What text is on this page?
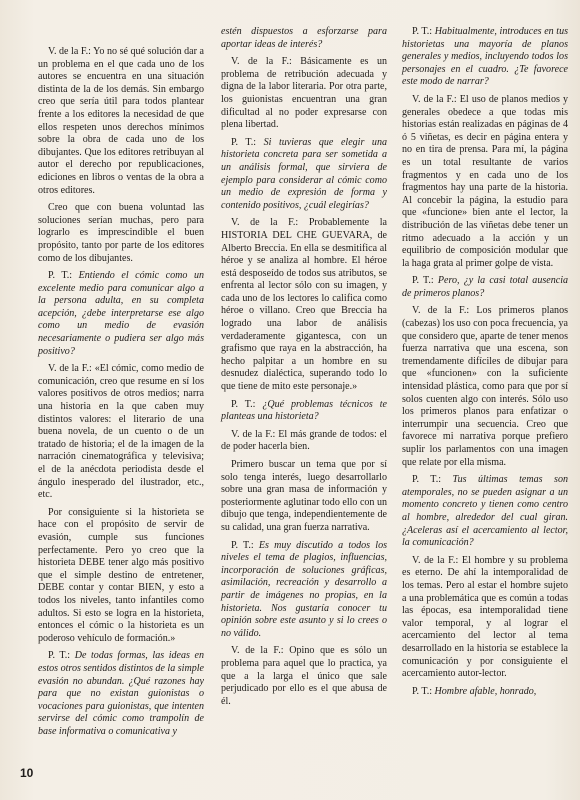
V. de la F.: Yo no sé qué solución dar a un problema en el que cada uno de los autores se encuentra en una situación distinta de la de los demás. Sin embargo creo que sería útil para todos plantear frente a los editores la necesidad de que ellos respeten unos derechos mínimos sobre la obra de cada uno de los dibujantes. Que los editores retribuyan al autor el derecho por republicaciones, ediciones en libros o ventas de la obra a otros editores.

Creo que con buena voluntad las soluciones serían muchas, pero para lograrlo es imprescindible el buen propósito, tanto por parte de los editores como de los dibujantes.

P. T.: Entiendo el cómic como un excelente medio para comunicar algo a la persona adulta, en su completa acepción, ¿debe interpretarse ese algo como un medio de evasión necesariamente o pudiera ser algo más positivo?

V. de la F.: «El cómic, como medio de comunicación, creo que resume en sí los valores positivos de otros medios; narra una historia en la que caben muy distintos valores: el literario de una buena novela, de un cuento o de un tratado de historia; el de la imagen de la narración cinematográfica y televisiva; el de la anécdota periodista desde el ángulo inesperado del ilustrador, etc., etc.

Por consiguiente si la historieta se hace con el propósito de servir de evasión, cumple sus funciones perfectamente. Pero yo creo que la historieta DEBE tener algo más positivo que el simple destino de entretener, DEBE contar y contar BIEN, y esto a todos los niveles, tanto infantiles como adultos. Si esto se logra en la historieta, entonces el cómic o la historieta es un poderoso vehículo de formación.»

P. T.: De todas formas, las ideas en estos otros sentidos distintos de la simple evasión no abundan. ¿Qué razones hay para que no existan guionistas o vocaciones para guionistas, que intenten servirse del cómic como trampolín de base informativa o comunicativa y

estén dispuestos a esforzarse para aportar ideas de interés?

V. de la F.: Básicamente es un problema de retribución adecuada y digna de la labor literaria. Por otra parte, los guionistas encuentran una gran dificultad al no poder expresarse con plena libertad.

P. T.: Si tuvieras que elegir una historieta concreta para ser sometida a un análisis formal, que sirviera de ejemplo para considerar al cómic como un medio de expresión de forma y contenido positivos, ¿cuál elegirías?

V. de la F.: Probablemente la HISTORIA DEL CHE GUEVARA, de Alberto Breccia. En ella se desmitifica al héroe y se analiza al hombre. El héroe está desposeído de todos sus atributos, se enfrenta al lector sólo con su imagen, y cada uno de los lectores lo califica como héroe o villano. Creo que Breccia ha logrado una labor de análisis verdaderamente gigantesca, con un grafismo que raya en la abstracción, ha hecho palpitar a un hombre en su desnudez dialéctica, superando todo lo que tiene de mito este personaje.»

P. T.: ¿Qué problemas técnicos te planteas una historieta?

V. de la F.: El más grande de todos: el de poder hacerla bien.

Primero buscar un tema que por sí solo tenga interés, luego desarrollarlo sobre una gran masa de información y posteriormente aglutinar todo ello con un dibujo que tenga, independientemente de su calidad, una gran fuerza narrativa.

P. T.: Es muy discutido a todos los niveles el tema de plagios, influencias, incorporación de soluciones gráficas, asimilación, recreación y desarrollo a partir de imágenes no propias, en la historieta. Nos gustaría conocer tu opinión sobre este asunto y si lo crees o no válido.

V. de la F.: Opino que es sólo un problema para aquel que lo practica, ya que a la larga el único que sale perjudicado por ello es el que abusa de él.

P. T.: Habitualmente, introduces en tus historietas una mayoría de planos generales y medios, incluyendo todos los personajes en el cuadro. ¿Te favorece este modo de narrar?

V. de la F.: El uso de planos medios y generales obedece a que todas mis historias están realizadas en páginas de 4 ó 5 viñetas, es decir en página entera y no en tira de prensa. Para mí, la página es un total resultante de varios fragmentos y en cada uno de los fragmentos hay una parte de la historia. Al concebir la página, la estudio para que «funcione» bien ante el lector, la distribución de las viñetas debe tener un ritmo adecuado a la acción y un equilibrio de composición modular que la haga grata al primer golpe de vista.

P. T.: Pero, ¿y la casi total ausencia de primeros planos?

V. de la F.: Los primeros planos (cabezas) los uso con poca frecuencia, ya que considero que, aparte de tener menos fuerza narrativa que una escena, son tremendamente difíciles de dibujar para que «funcionen» con la suficiente intensidad plástica, como para que por sí solos cuenten algo con interés. Sólo uso los primeros planos para enfatizar o interrumpir una secuencia. Creo que favorece mi narrativa porque prefiero suplir los parlamentos con una imagen que relate por ella misma.

P. T.: Tus últimas temas son atemporales, no se pueden asignar a un momento concreto y tienen como centro al hombre, alrededor del cual giran. ¿Aceleras así el acercamiento al lector, la comunicación?

V. de la F.: El hombre y su problema es eterno. De ahí la intemporalidad de los temas. Pero al estar el hombre sujeto a una problemática que es común a todas las épocas, esa intemporalidad tiene valor temporal, y al lograr el acercamiento del lector al tema desarrollado en la historia se establece la comunicación y por consiguiente el acercamiento autor-lector.

P. T.: Hombre afable, honrado,

10
